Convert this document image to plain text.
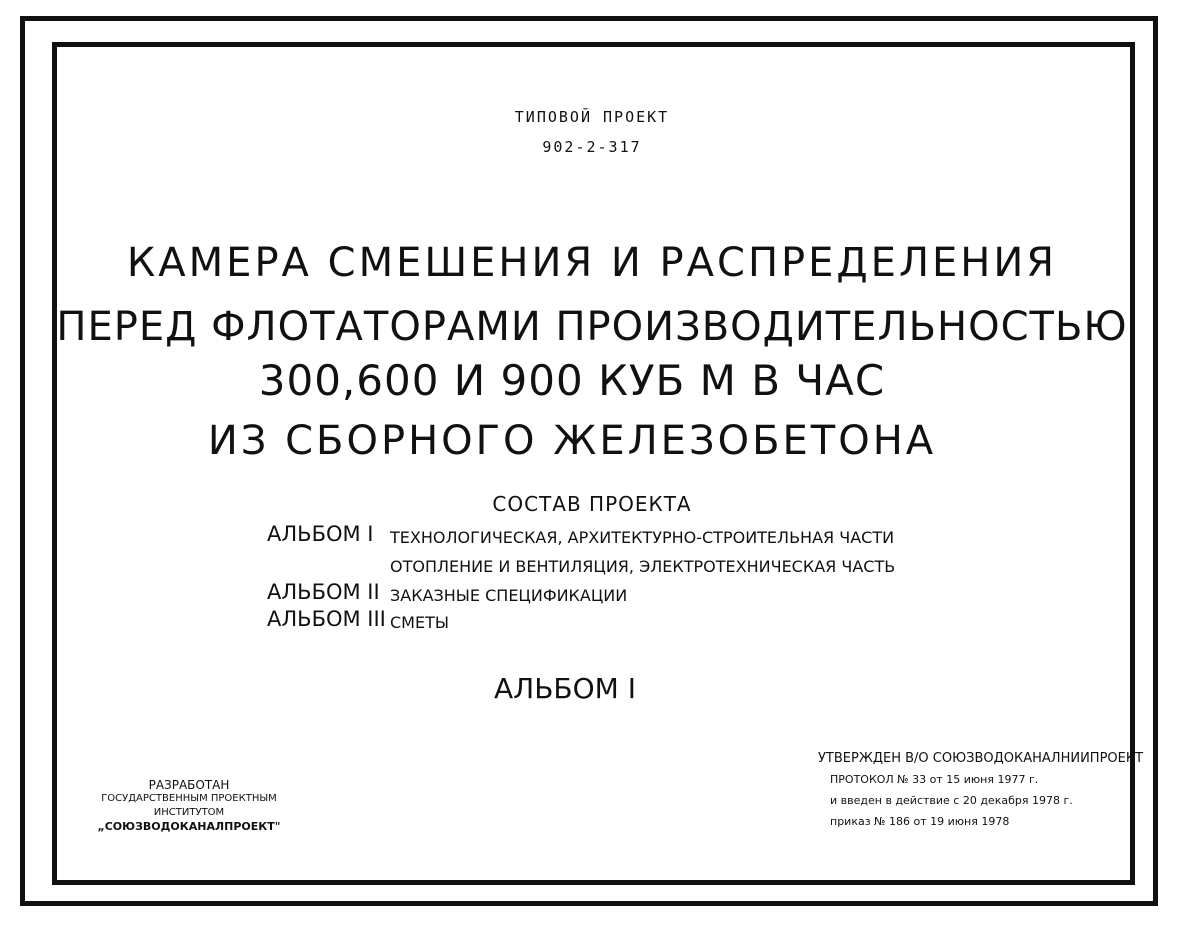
ТИПОВОЙ ПРОЕКТ
902-2-317
КАМЕРА СМЕШЕНИЯ И РАСПРЕДЕЛЕНИЯ
ПЕРЕД ФЛОТАТОРАМИ ПРОИЗВОДИТЕЛЬНОСТЬЮ
300,600 И 900 КУБ М В ЧАС
ИЗ СБОРНОГО ЖЕЛЕЗОБЕТОНА
СОСТАВ ПРОЕКТА
АЛЬБОМ I ТЕХНОЛОГИЧЕСКАЯ, АРХИТЕКТУРНО-СТРОИТЕЛЬНАЯ ЧАСТИ
ОТОПЛЕНИЕ И ВЕНТИЛЯЦИЯ, ЭЛЕКТРОТЕХНИЧЕСКАЯ ЧАСТЬ
АЛЬБОМ II ЗАКАЗНЫЕ СПЕЦИФИКАЦИИ
АЛЬБОМ III СМЕТЫ
АЛЬБОМ I
РАЗРАБОТАН
ГОСУДАРСТВЕННЫМ ПРОЕКТНЫМ ИНСТИТУТОМ
„СОЮЗВОДОКАНАЛПРОЕКТ"
УТВЕРЖДЕН В/О СОЮЗВОДОКАНАЛНИИПРОЕКТ
ПРОТОКОЛ № 33 от 15 июня 1977 г.
и введен в действие с 20 декабря 1978 г.
приказ № 186 от 19 июня 1978
